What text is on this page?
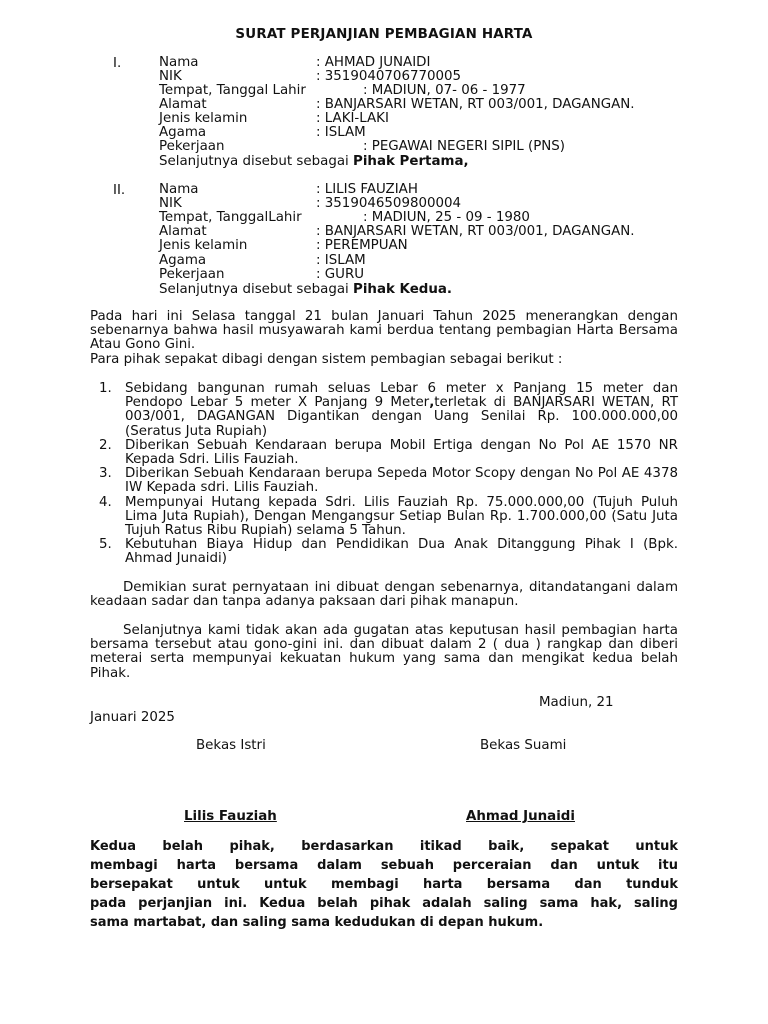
SURAT PERJANJIAN PEMBAGIAN HARTA
I.	Nama	: AHMAD JUNAIDI
NIK	: 3519040706770005
Tempat, Tanggal Lahir	: MADIUN, 07- 06 - 1977
Alamat	: BANJARSARI WETAN, RT 003/001, DAGANGAN.
Jenis kelamin	: LAKI-LAKI
Agama	: ISLAM
Pekerjaan	: PEGAWAI NEGERI SIPIL (PNS)
Selanjutnya disebut sebagai Pihak Pertama,
II.	Nama	: LILIS FAUZIAH
NIK	: 3519046509800004
Tempat, TanggalLahir	: MADIUN, 25 - 09 - 1980
Alamat	: BANJARSARI WETAN, RT 003/001, DAGANGAN.
Jenis kelamin	: PEREMPUAN
Agama	: ISLAM
Pekerjaan	: GURU
Selanjutnya disebut sebagai Pihak Kedua.

Pada hari ini Selasa tanggal 21 bulan Januari Tahun 2025 menerangkan dengan sebenarnya bahwa hasil musyawarah kami berdua tentang pembagian Harta Bersama Atau Gono Gini.

Para pihak sepakat dibagi dengan sistem pembagian sebagai berikut :

1. Sebidang bangunan rumah seluas Lebar 6 meter x Panjang 15 meter dan Pendopo Lebar 5 meter X Panjang 9 Meter,terletak di BANJARSARI WETAN, RT 003/001, DAGANGAN Digantikan dengan Uang Senilai Rp. 100.000.000,00 (Seratus Juta Rupiah)
2. Diberikan Sebuah Kendaraan berupa Mobil Ertiga dengan No Pol AE 1570 NR Kepada Sdri. Lilis Fauziah.
3. Diberikan Sebuah Kendaraan berupa Sepeda Motor Scopy dengan No Pol AE 4378 IW Kepada sdri. Lilis Fauziah.
4. Mempunyai Hutang kepada Sdri. Lilis Fauziah Rp. 75.000.000,00 (Tujuh Puluh Lima Juta Rupiah), Dengan Mengangsur Setiap Bulan Rp. 1.700.000,00 (Satu Juta Tujuh Ratus Ribu Rupiah) selama 5 Tahun.
5. Kebutuhan Biaya Hidup dan Pendidikan Dua Anak Ditanggung Pihak I (Bpk. Ahmad Junaidi)

Demikian surat pernyataan ini dibuat dengan sebenarnya, ditandatangani dalam keadaan sadar dan tanpa adanya paksaan dari pihak manapun.

Selanjutnya kami tidak akan ada gugatan atas keputusan hasil pembagian harta bersama tersebut atau gono-gini ini. dan dibuat dalam 2 ( dua ) rangkap dan diberi meterai serta mempunyai kekuatan hukum yang sama dan mengikat kedua belah Pihak.

Madiun, 21
Januari 2025
Bekas Istri	Bekas Suami
Lilis Fauziah	Ahmad Junaidi
Kedua belah pihak, berdasarkan itikad baik, sepakat untuk
membagi harta bersama dalam sebuah perceraian dan untuk itu
bersepakat untuk untuk membagi harta bersama dan tunduk
pada perjanjian ini. Kedua belah pihak adalah saling sama hak, saling
sama martabat, dan saling sama kedudukan di depan hukum.
